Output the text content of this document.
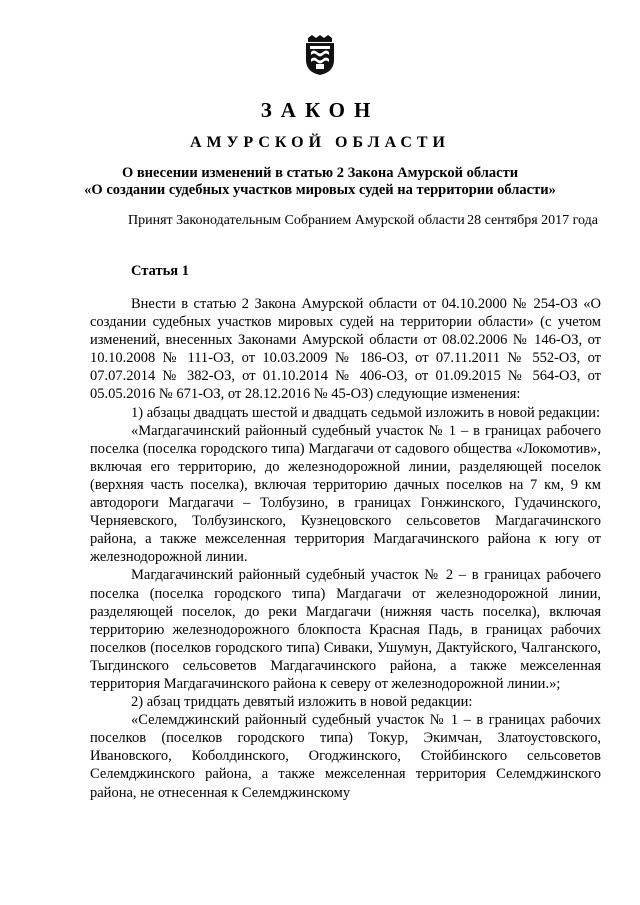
ЗАКОН
АМУРСКОЙ ОБЛАСТИ
О внесении изменений в статью 2 Закона Амурской области
«О создании судебных участков мировых судей на территории области»
Принят Законодательным Собранием Амурской области 28 сентября 2017 года
Статья 1

Внести в статью 2 Закона Амурской области от 04.10.2000 № 254-ОЗ «О создании судебных участков мировых судей на территории области» (с учетом изменений, внесенных Законами Амурской области от 08.02.2006 № 146-ОЗ, от 10.10.2008 № 111-ОЗ, от 10.03.2009 № 186-ОЗ, от 07.11.2011 № 552-ОЗ, от 07.07.2014 № 382-ОЗ, от 01.10.2014 № 406-ОЗ, от 01.09.2015 № 564-ОЗ, от 05.05.2016 № 671-ОЗ, от 28.12.2016 № 45-ОЗ) следующие изменения:

1) абзацы двадцать шестой и двадцать седьмой изложить в новой редакции:

«Магдагачинский районный судебный участок № 1 – в границах рабочего поселка (поселка городского типа) Магдагачи от садового общества «Локомотив», включая его территорию, до железнодорожной линии, разделяющей поселок (верхняя часть поселка), включая территорию дачных поселков на 7 км, 9 км автодороги Магдагачи – Толбузино, в границах Гонжинского, Гудачинского, Черняевского, Толбузинского, Кузнецовского сельсоветов Магдагачинского района, а также межселенная территория Магдагачинского района к югу от железнодорожной линии.

Магдагачинский районный судебный участок № 2 – в границах рабочего поселка (поселка городского типа) Магдагачи от железнодорожной линии, разделяющей поселок, до реки Магдагачи (нижняя часть поселка), включая территорию железнодорожного блокпоста Красная Падь, в границах рабочих поселков (поселков городского типа) Сиваки, Ушумун, Дактуйского, Чалганского, Тыгдинского сельсоветов Магдагачинского района, а также межселенная территория Магдагачинского района к северу от железнодорожной линии.»;

2) абзац тридцать девятый изложить в новой редакции:

«Селемджинский районный судебный участок № 1 – в границах рабочих поселков (поселков городского типа) Токур, Экимчан, Златоустовского, Ивановского, Коболдинского, Огоджинского, Стойбинского сельсоветов Селемджинского района, а также межселенная территория Селемджинского района, не отнесенная к Селемджинскому
